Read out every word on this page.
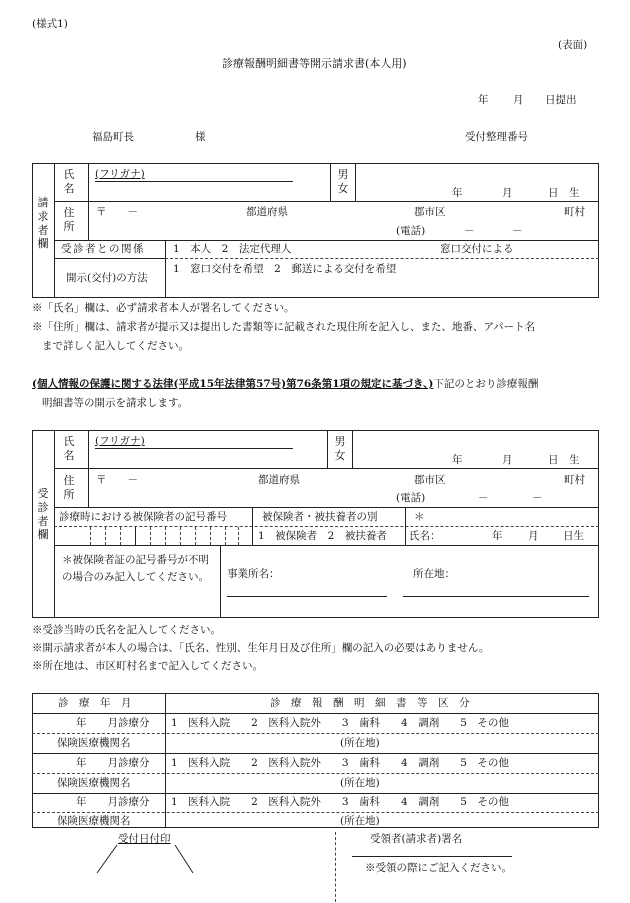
(様式1)
(表面)
診療報酬明細書等開示請求書(本人用)
年 月 日提出
福島町長	様	受付整理番号
請求者欄
氏名
(フリガナ)	男女	年	月	日　生
住所
〒　　－	都道府県	郡市区	町村
(電話)	－	－
受診者との関係	1　本人　2　法定代理人	窓口交付による
開示(交付)の方法
1　窓口交付を希望　2　郵送による交付を希望
※「氏名」欄は、必ず請求者本人が署名してください。
※「住所」欄は、請求者が提示又は提出した書類等に記載された現住所を記入し、また、地番、アパート名
まで詳しく記入してください。
(個人情報の保護に関する法律(平成15年法律第57号)第76条第1項の規定に基づき、)下記のとおり診療報酬
明細書等の開示を請求します。
受診者欄
氏名
(フリガナ)	男女	年	月	日　生
住所
〒　　－	都道府県	郡市区	町村
(電話)	－	－
診療時における被保険者の記号番号	被保険者・被扶養者の別	＊
1　被保険者　2　被扶養者 氏名：	年 月 日生
＊被保険者証の記号番号が不明の場合のみ記入してください。	事業所名：	所在地：
※受診当時の氏名を記入してください。
※開示請求者が本人の場合は、「氏名、性別、生年月日及び住所」欄の記入の必要はありません。
※所在地は、市区町村名まで記入してください。
診　療　年　月	診　療　報　酬　明　細　書　等　区　分
年　　月診療分 1　医科入院　　2　医科入院外　　3　歯科　　4　調剤　　5　その他
保険医療機関名	(所在地)
年　　月診療分 1　医科入院　　2　医科入院外　　3　歯科　　4　調剤　　5　その他
保険医療機関名	(所在地)
年　　月診療分 1　医科入院　　2　医科入院外　　3　歯科　　4　調剤　　5　その他
保険医療機関名	(所在地)
受付日付印	受領者(請求者)署名
※受領の際にご記入ください。
